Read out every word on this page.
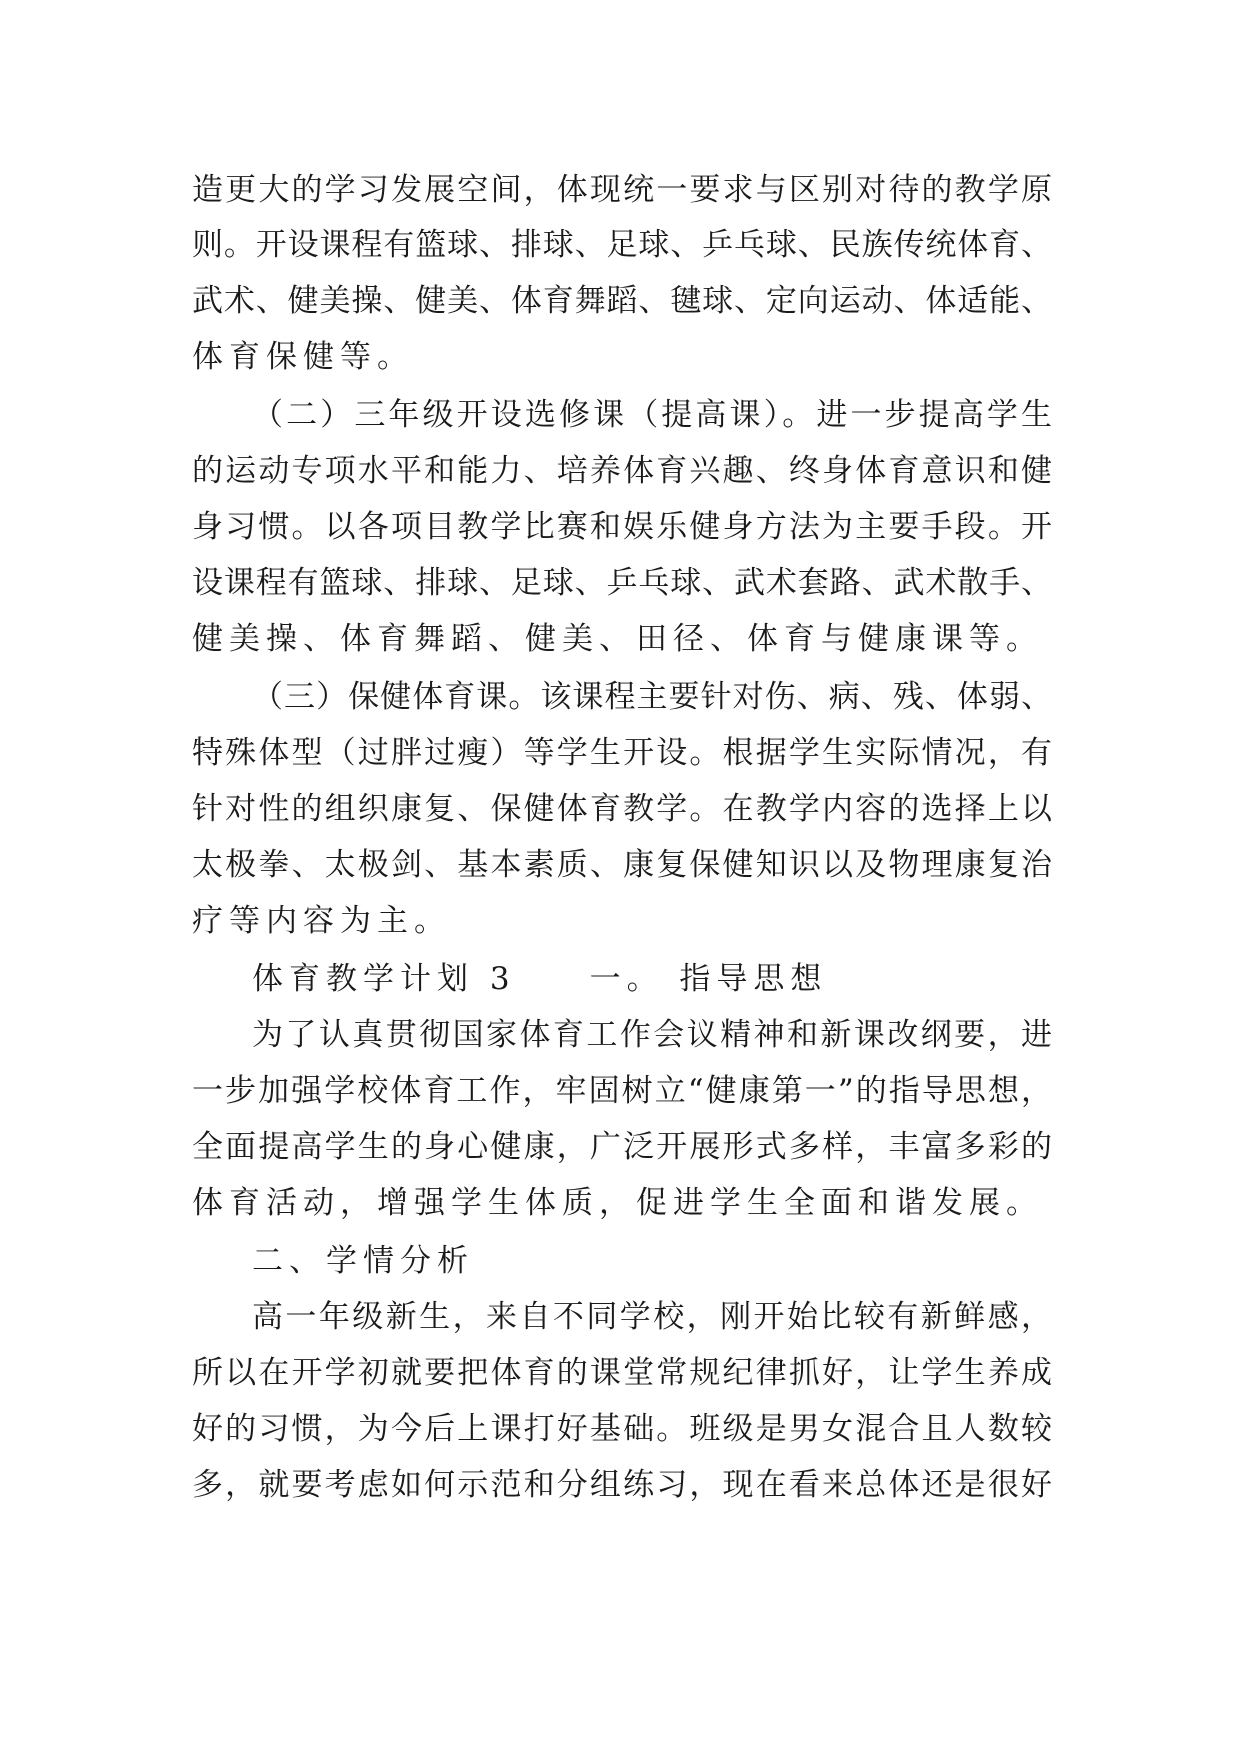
造更大的学习发展空间，体现统一要求与区别对待的教学原
则。开设课程有篮球、排球、足球、乒乓球、民族传统体育、
武术、健美操、健美、体育舞蹈、毽球、定向运动、体适能、
体育保健等。
（二）三年级开设选修课（提高课）。进一步提高学生
的运动专项水平和能力、培养体育兴趣、终身体育意识和健
身习惯。以各项目教学比赛和娱乐健身方法为主要手段。开
设课程有篮球、排球、足球、乒乓球、武术套路、武术散手、
健美操、体育舞蹈、健美、田径、体育与健康课等。
（三）保健体育课。该课程主要针对伤、病、残、体弱、
特殊体型（过胖过瘦）等学生开设。根据学生实际情况，有
针对性的组织康复、保健体育教学。在教学内容的选择上以
太极拳、太极剑、基本素质、康复保健知识以及物理康复治
疗等内容为主。
体育教学计划 3　　一。 指导思想
为了认真贯彻国家体育工作会议精神和新课改纲要，进
一步加强学校体育工作，牢固树立“健康第一”的指导思想，
全面提高学生的身心健康，广泛开展形式多样，丰富多彩的
体育活动，增强学生体质，促进学生全面和谐发展。
二、学情分析
高一年级新生，来自不同学校，刚开始比较有新鲜感，
所以在开学初就要把体育的课堂常规纪律抓好，让学生养成
好的习惯，为今后上课打好基础。班级是男女混合且人数较
多，就要考虑如何示范和分组练习，现在看来总体还是很好
